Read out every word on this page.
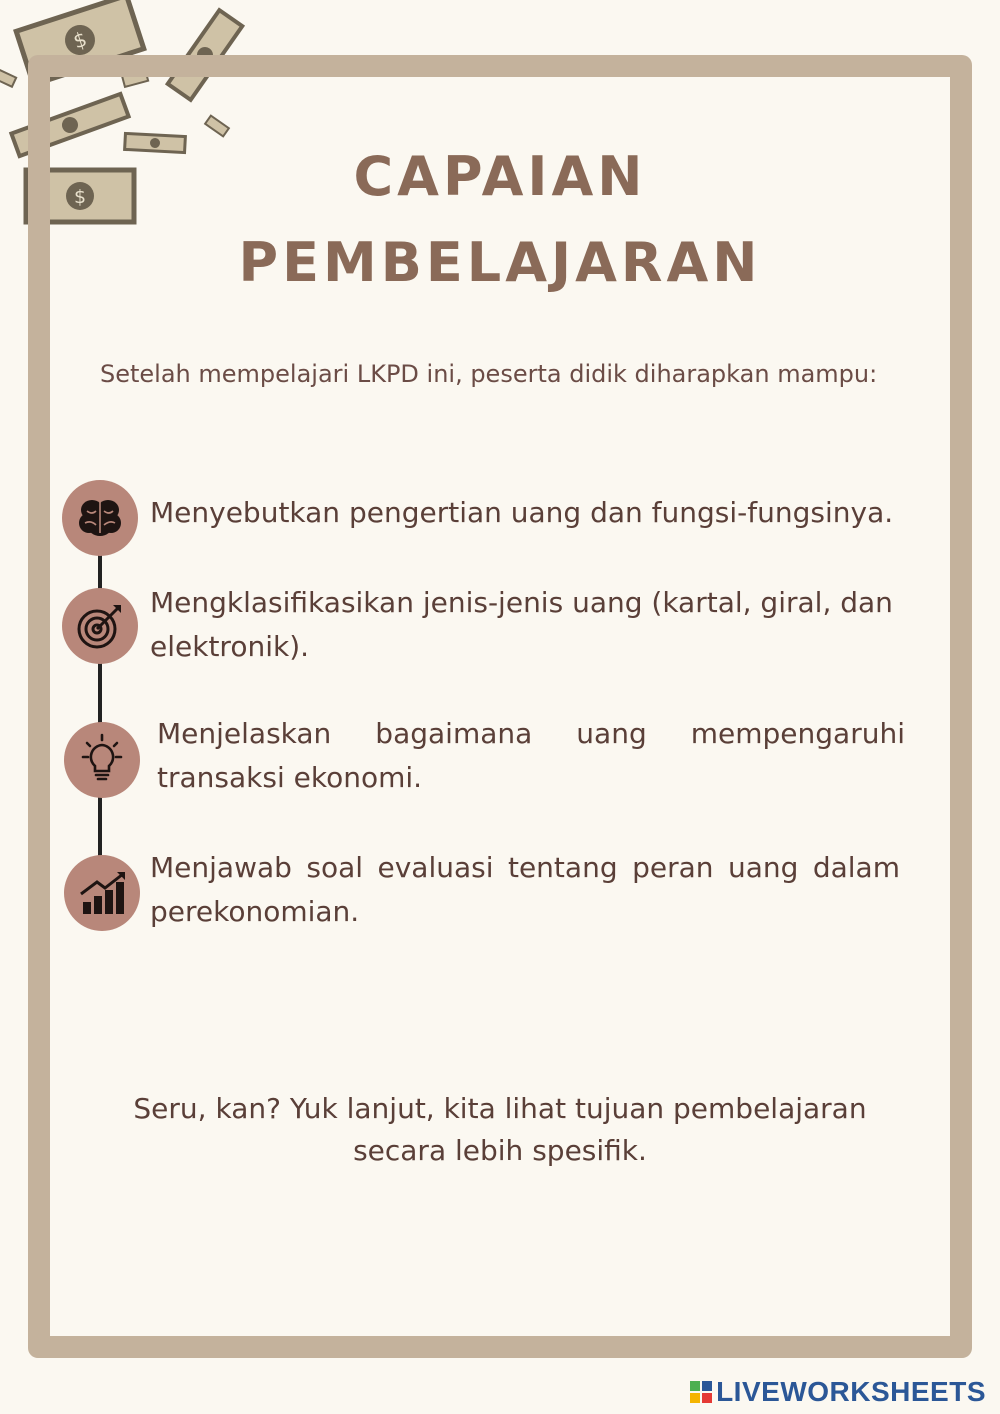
$
$	CAPAIAN
PEMBELAJARAN
Setelah mempelajari LKPD ini, peserta didik diharapkan mampu:
Menyebutkan pengertian uang dan fungsi-fungsinya.
Mengklasifikasikan jenis-jenis uang (kartal, giral, dan elektronik).
Menjelaskan bagaimana uang mempengaruhi transaksi ekonomi.
Menjawab soal evaluasi tentang peran uang dalam perekonomian.
Seru, kan? Yuk lanjut, kita lihat tujuan pembelajaran
secara lebih spesifik.
LIVEWORKSHEETS
